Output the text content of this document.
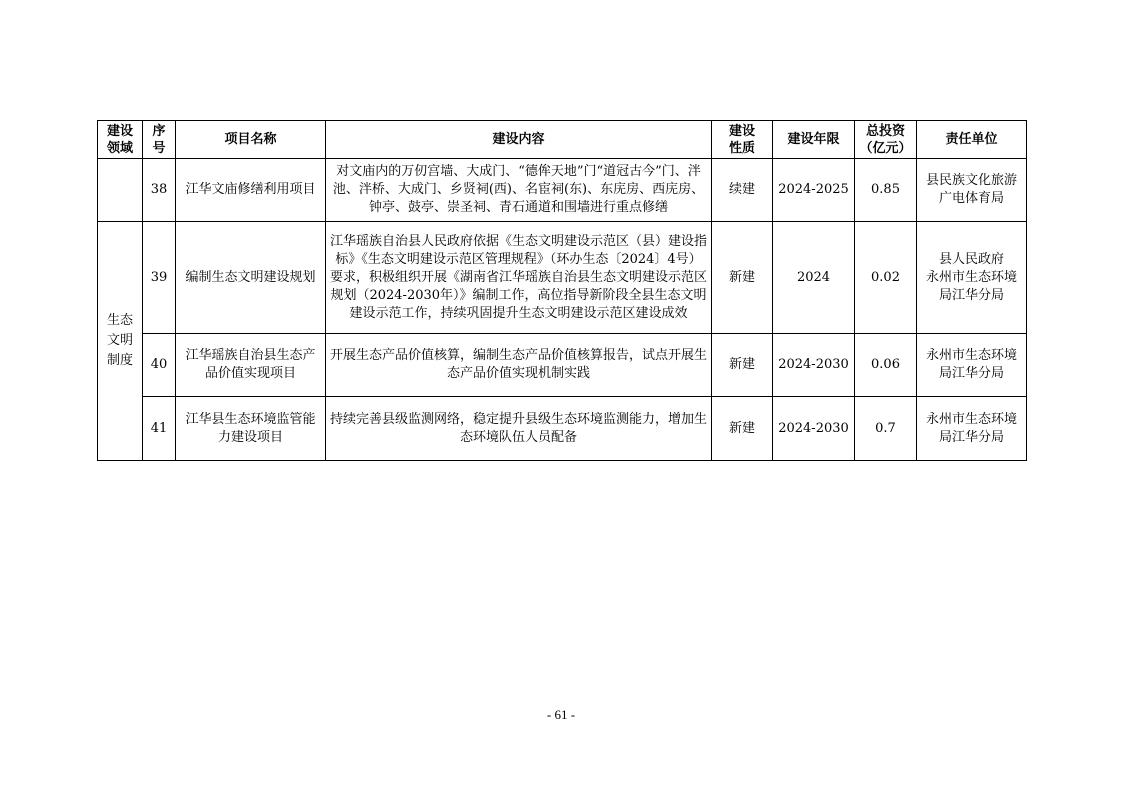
建设领域	序号	项目名称	建设内容	建设性质	建设年限	总投资（亿元）	责任单位
	38	江华文庙修缮利用项目	对文庙内的万仞宫墙、大成门、“德侔天地”门“道冠古今”门、泮池、泮桥、大成门、乡贤祠(西)、名宦祠(东)、东庑房、西庑房、钟亭、鼓亭、崇圣祠、青石通道和围墙进行重点修缮	续建	2024-2025	0.85	县民族文化旅游广电体育局

生态文明制度	39	编制生态文明建设规划	江华瑶族自治县人民政府依据《生态文明建设示范区（县）建设指标》《生态文明建设示范区管理规程》（环办生态〔2024〕4号）要求，积极组织开展《湖南省江华瑶族自治县生态文明建设示范区规划（2024-2030年）》编制工作，高位指导新阶段全县生态文明建设示范工作，持续巩固提升生态文明建设示范区建设成效	新建	2024	0.02	县人民政府
永州市生态环境局江华分局

	40	江华瑶族自治县生态产品价值实现项目	开展生态产品价值核算，编制生态产品价值核算报告，试点开展生态产品价值实现机制实践	新建	2024-2030	0.06	永州市生态环境局江华分局
	41	江华县生态环境监管能力建设项目	持续完善县级监测网络，稳定提升县级生态环境监测能力，增加生态环境队伍人员配备	新建	2024-2030	0.7	永州市生态环境局江华分局
- 61 -
